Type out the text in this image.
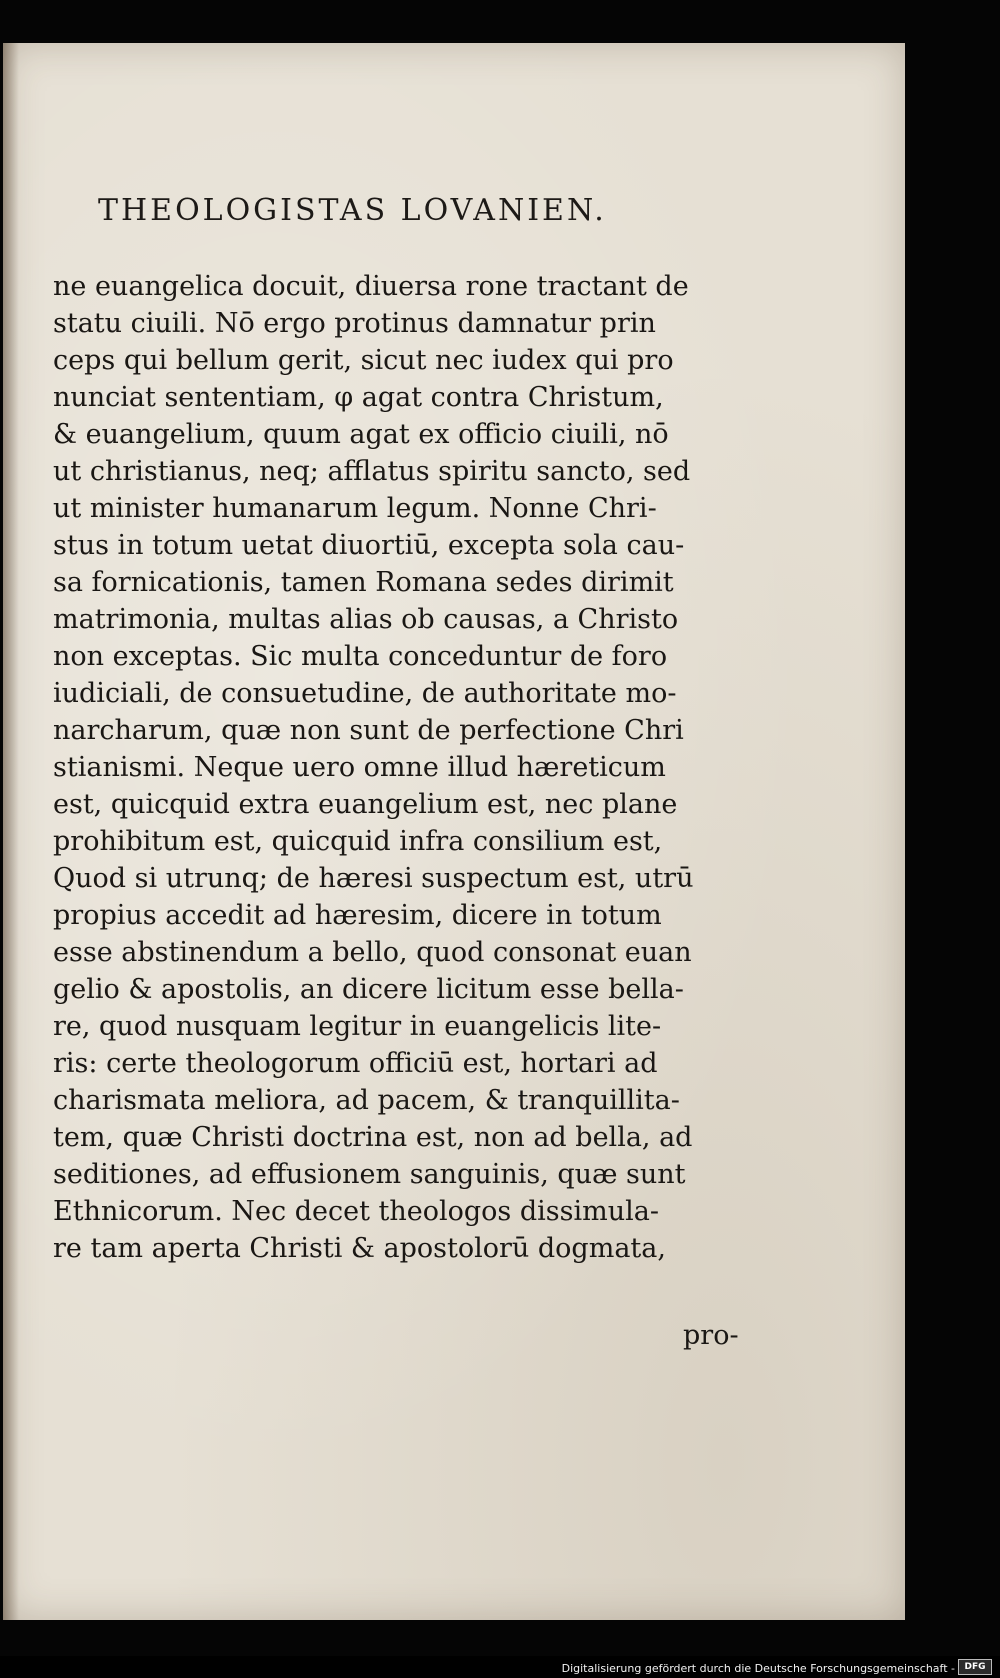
THEOLOGISTAS LOVANIEN.
ne euangelica docuit, diuersa rone tractant de
statu ciuili. Nō ergo protinus damnatur prin
ceps qui bellum gerit, sicut nec iudex qui pro
nunciat sententiam, φ agat contra Christum,
& euangelium, quum agat ex officio ciuili, nō
ut christianus, neq; afflatus spiritu sancto, sed
ut minister humanarum legum. Nonne Chri-
stus in totum uetat diuortiū, excepta sola cau-
sa fornicationis, tamen Romana sedes dirimit
matrimonia, multas alias ob causas, a Christo
non exceptas. Sic multa conceduntur de foro
iudiciali, de consuetudine, de authoritate mo-
narcharum, quæ non sunt de perfectione Chri
stianismi. Neque uero omne illud hæreticum
est, quicquid extra euangelium est, nec plane
prohibitum est, quicquid infra consilium est,
Quod si utrunq; de hæresi suspectum est, utrū
propius accedit ad hæresim, dicere in totum
esse abstinendum a bello, quod consonat euan
gelio & apostolis, an dicere licitum esse bella-
re, quod nusquam legitur in euangelicis lite-
ris: certe theologorum officiū est, hortari ad
charismata meliora, ad pacem, & tranquillita-
tem, quæ Christi doctrina est, non ad bella, ad
seditiones, ad effusionem sanguinis, quæ sunt
Ethnicorum. Nec decet theologos dissimula-
re tam aperta Christi & apostolorū dogmata,
pro-
Digitalisierung gefördert durch die Deutsche Forschungsgemeinschaft -	DFG
